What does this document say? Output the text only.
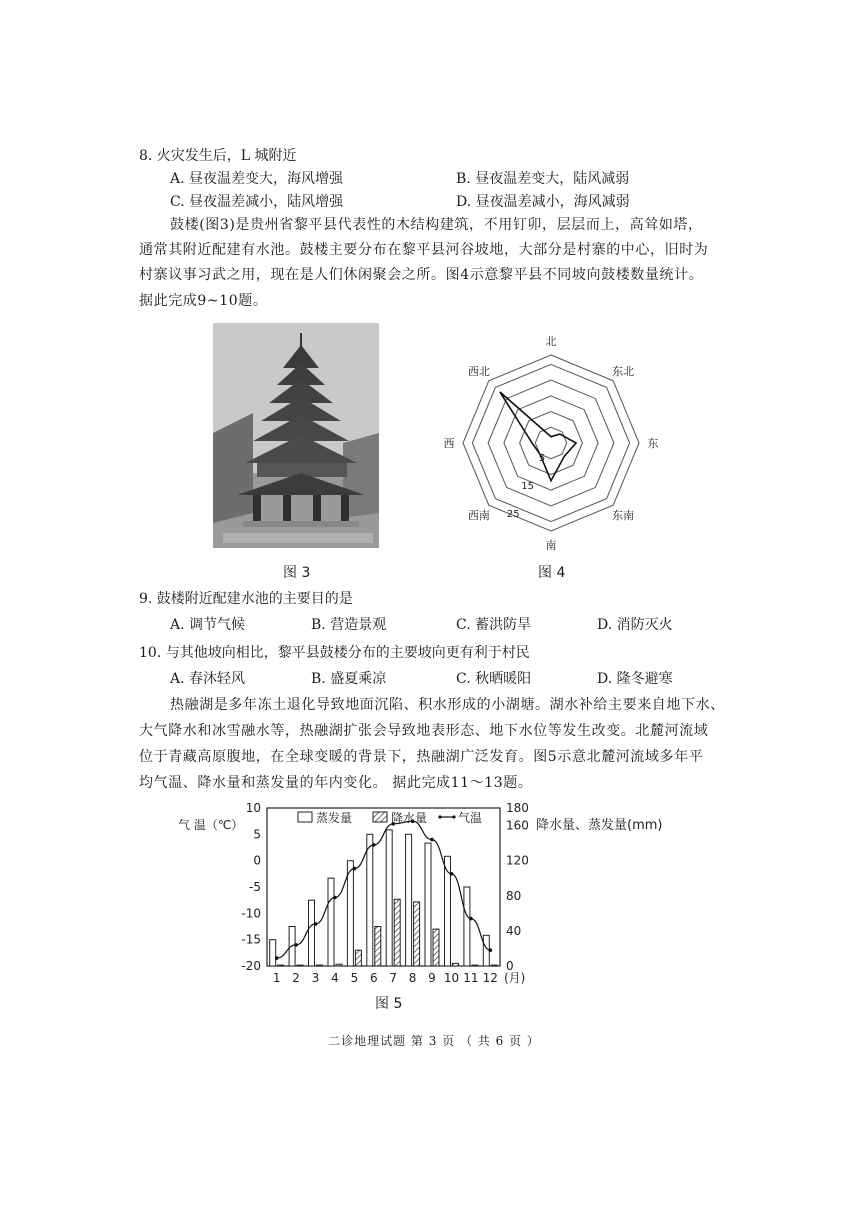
8. 火灾发生后，L 城附近
A. 昼夜温差变大，海风增强	B. 昼夜温差变大，陆风减弱
C. 昼夜温差减小，陆风增强	D. 昼夜温差减小，海风减弱
鼓楼(图3)是贵州省黎平县代表性的木结构建筑，不用钉卯，层层而上，高耸如塔，
通常其附近配建有水池。鼓楼主要分布在黎平县河谷坡地，大部分是村寨的中心，旧时为
村寨议事习武之用，现在是人们休闲聚会之所。图4示意黎平县不同坡向鼓楼数量统计。
据此完成9~10题。
图 3
北
东北
东
东南
南
西南
西
西北
5
15
25
图 4
9. 鼓楼附近配建水池的主要目的是
A. 调节气候	B. 营造景观	C. 蓄洪防旱	D. 消防灭火
10. 与其他坡向相比，黎平县鼓楼分布的主要坡向更有利于村民
A. 春沐轻风	B. 盛夏乘凉	C. 秋晒暖阳	D. 隆冬避寒
热融湖是多年冻土退化导致地面沉陷、积水形成的小湖塘。湖水补给主要来自地下水、
大气降水和冰雪融水等，热融湖扩张会导致地表形态、地下水位等发生改变。北麓河流域
位于青藏高原腹地，在全球变暖的背景下，热融湖广泛发育。图5示意北麓河流域多年平
均气温、降水量和蒸发量的年内变化。 据此完成11～13题。
气 温（℃）	降水量、蒸发量(mm)
10
5
0
-5
-10
-15
-20
180
160
120
80
40
0
1 2 3 4 5 6 7 8 9 10 11 12 (月)
蒸发量	降水量	气温
图 5
二诊地理试题 第 3 页 （ 共 6 页 ）
